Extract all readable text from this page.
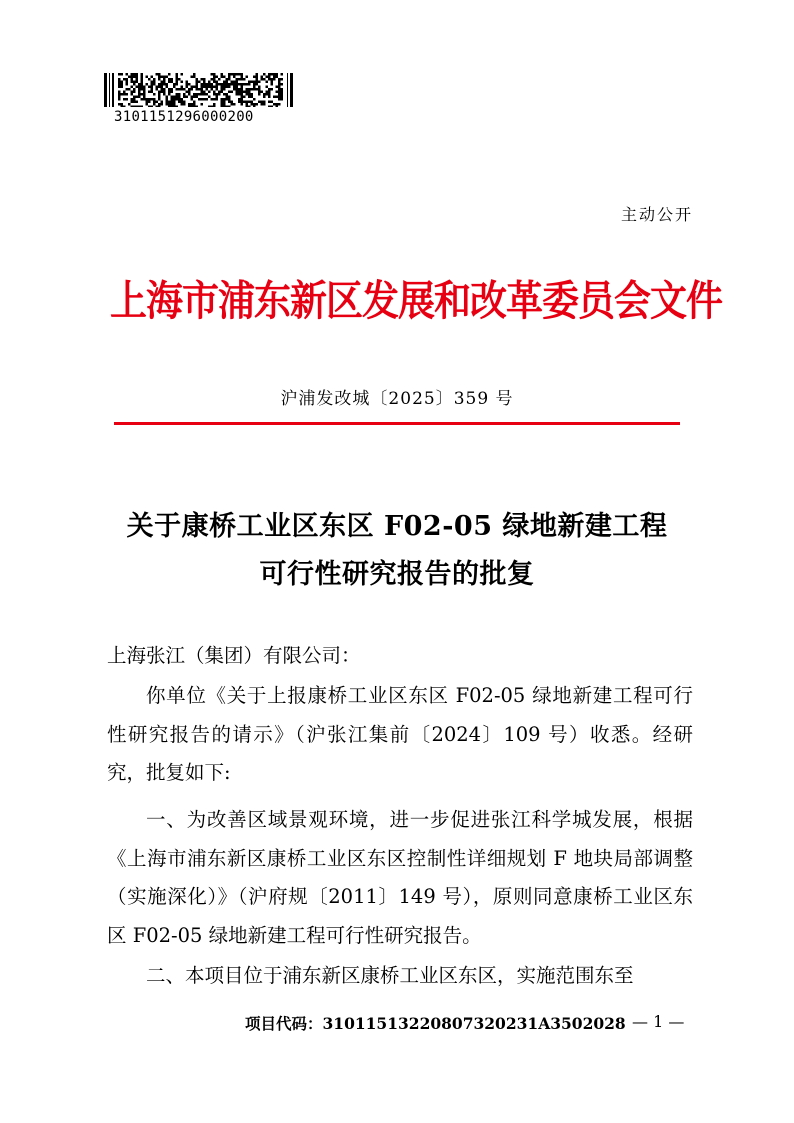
310115129600020‍0
主动公开
上海市浦东新区发展和改革委员会文件
沪浦发改城〔2025〕359 号
关于康桥工业区东区 F02-05 绿地新建工程
可行性研究报告的批复
上海张江（集团）有限公司：
你单位《关于上报康桥工业区东区 F02-05 绿地新建工程可行性研究报告的请示》（沪张江集前〔2024〕109 号）收悉。经研究，批复如下:
一、为改善区域景观环境，进一步促进张江科学城发展，根据《上海市浦东新区康桥工业区东区控制性详细规划 F 地块局部调整（实施深化）》（沪府规〔2011〕149 号），原则同意康桥工业区东区 F02-05 绿地新建工程可行性研究报告。
二、本项目位于浦东新区康桥工业区东区，实施范围东至
项目代码：31011513220807320231A3502028 — 1 —
